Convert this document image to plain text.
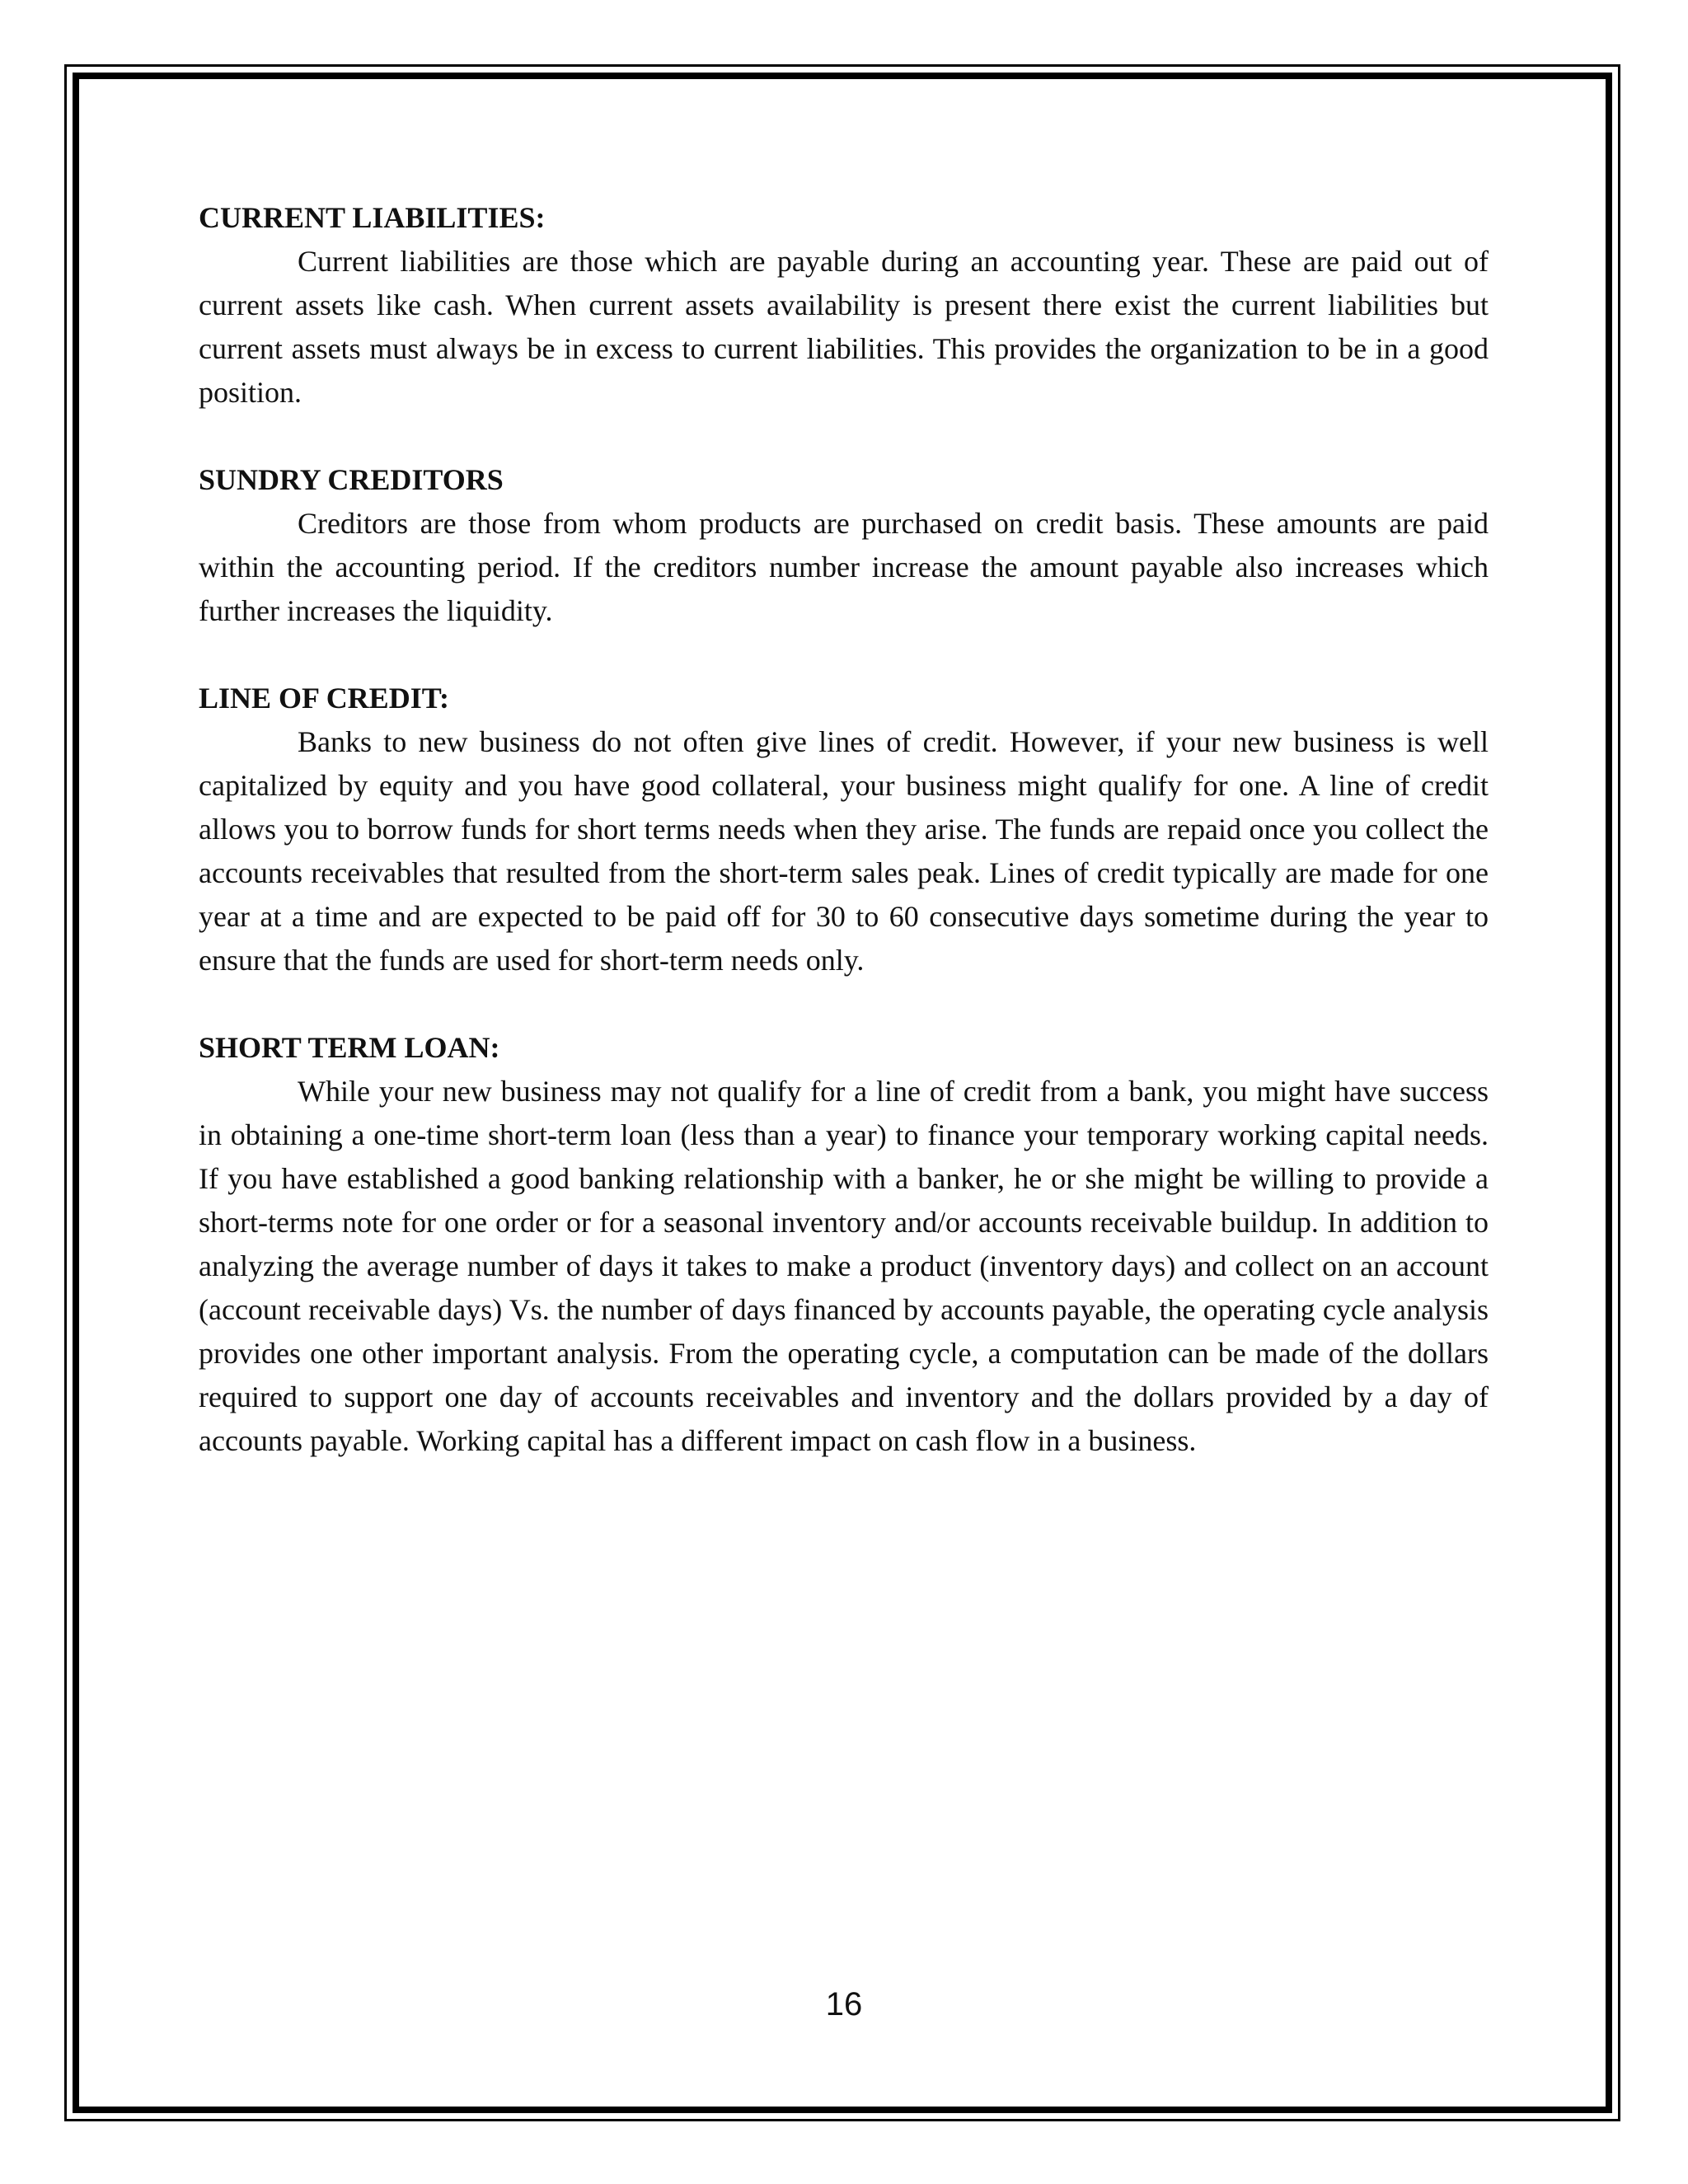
CURRENT LIABILITIES:

Current liabilities are those which are payable during an accounting year. These are paid out of current assets like cash. When current assets availability is present there exist the current liabilities but current assets must always be in excess to current liabilities. This provides the organization to be in a good position.

SUNDRY CREDITORS

Creditors are those from whom products are purchased on credit basis. These amounts are paid within the accounting period. If the creditors number increase the amount payable also increases which further increases the liquidity.

LINE OF CREDIT:

Banks to new business do not often give lines of credit. However, if your new business is well capitalized by equity and you have good collateral, your business might qualify for one. A line of credit allows you to borrow funds for short terms needs when they arise. The funds are repaid once you collect the accounts receivables that resulted from the short-term sales peak. Lines of credit typically are made for one year at a time and are expected to be paid off for 30 to 60 consecutive days sometime during the year to ensure that the funds are used for short-term needs only.

SHORT TERM LOAN:

While your new business may not qualify for a line of credit from a bank, you might have success in obtaining a one-time short-term loan (less than a year) to finance your temporary working capital needs. If you have established a good banking relationship with a banker, he or she might be willing to provide a short-terms note for one order or for a seasonal inventory and/or accounts receivable buildup. In addition to analyzing the average number of days it takes to make a product (inventory days) and collect on an account (account receivable days) Vs. the number of days financed by accounts payable, the operating cycle analysis provides one other important analysis. From the operating cycle, a computation can be made of the dollars required to support one day of accounts receivables and inventory and the dollars provided by a day of accounts payable. Working capital has a different impact on cash flow in a business.

16
